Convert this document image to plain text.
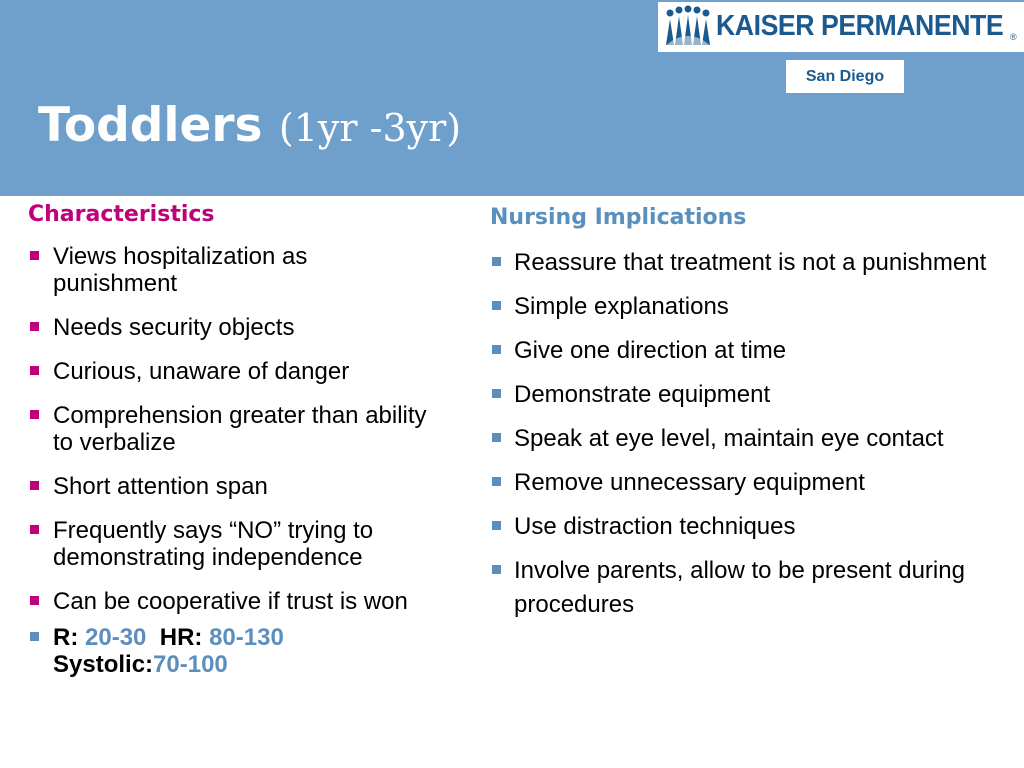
Toddlers (1yr -3yr)
KAISER PERMANENTE ®
San Diego
Characteristics
Views hospitalization as punishment
Needs security objects
Curious, unaware of danger
Comprehension greater than ability to verbalize
Short attention span
Frequently says “NO” trying to demonstrating independence
Can be cooperative if trust is won
R: 20-30 HR: 80-130
Systolic:70-100
Nursing Implications
Reassure that treatment is not a punishment
Simple explanations
Give one direction at time
Demonstrate equipment
Speak at eye level, maintain eye contact
Remove unnecessary equipment
Use distraction techniques
Involve parents, allow to be present during procedures
